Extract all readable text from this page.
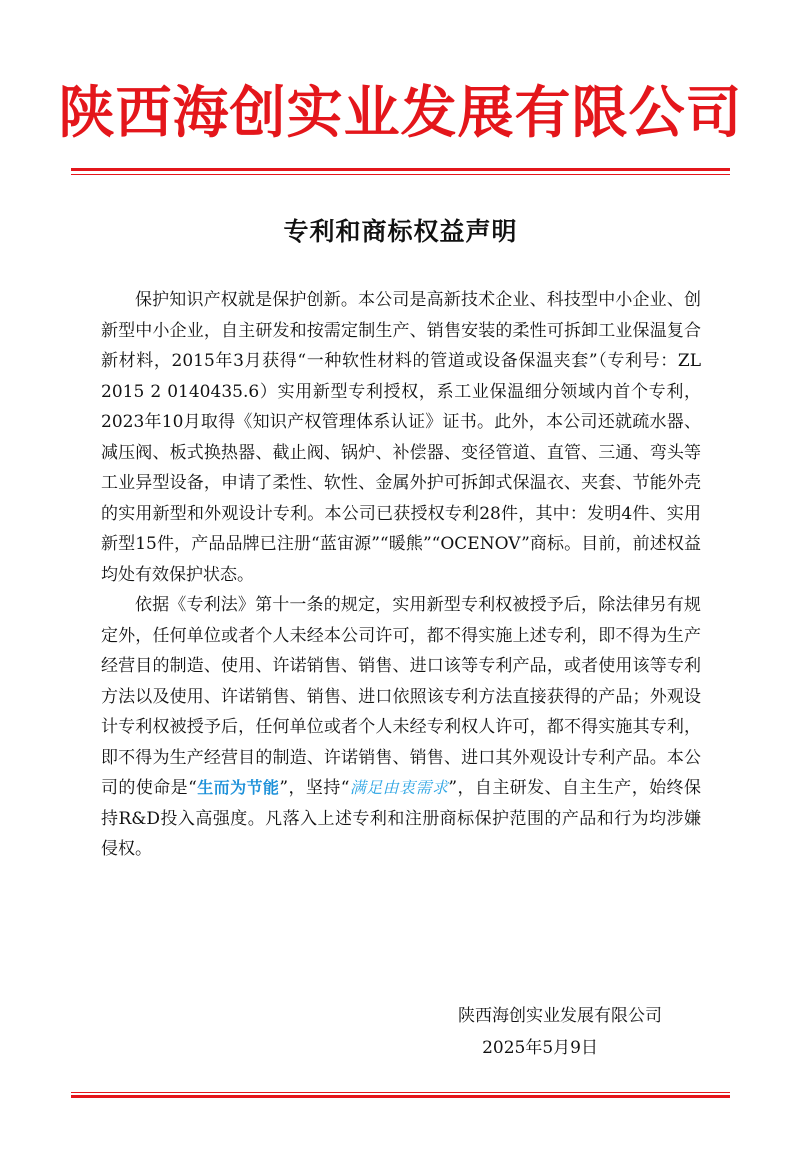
陕西海创实业发展有限公司
专利和商标权益声明

保护知识产权就是保护创新。本公司是高新技术企业、科技型中小企业、创新型中小企业，自主研发和按需定制生产、销售安装的柔性可拆卸工业保温复合新材料，2015年3月获得“一种软性材料的管道或设备保温夹套”（专利号：ZL 2015 2 0140435.6）实用新型专利授权，系工业保温细分领域内首个专利，2023年10月取得《知识产权管理体系认证》证书。此外，本公司还就疏水器、减压阀、板式换热器、截止阀、锅炉、补偿器、变径管道、直管、三通、弯头等工业异型设备，申请了柔性、软性、金属外护可拆卸式保温衣、夹套、节能外壳的实用新型和外观设计专利。本公司已获授权专利28件，其中：发明4件、实用新型15件，产品品牌已注册“蓝宙源”“暖熊”“OCENOV”商标。目前，前述权益均处有效保护状态。

依据《专利法》第十一条的规定，实用新型专利权被授予后，除法律另有规定外，任何单位或者个人未经本公司许可，都不得实施上述专利，即不得为生产经营目的制造、使用、许诺销售、销售、进口该等专利产品，或者使用该等专利方法以及使用、许诺销售、销售、进口依照该专利方法直接获得的产品；外观设计专利权被授予后，任何单位或者个人未经专利权人许可，都不得实施其专利，即不得为生产经营目的制造、许诺销售、销售、进口其外观设计专利产品。本公司的使命是“生而为节能”，坚持“满足由衷需求”，自主研发、自主生产，始终保持R&D投入高强度。凡落入上述专利和注册商标保护范围的产品和行为均涉嫌侵权。

陕西海创实业发展有限公司
2025年5月9日
